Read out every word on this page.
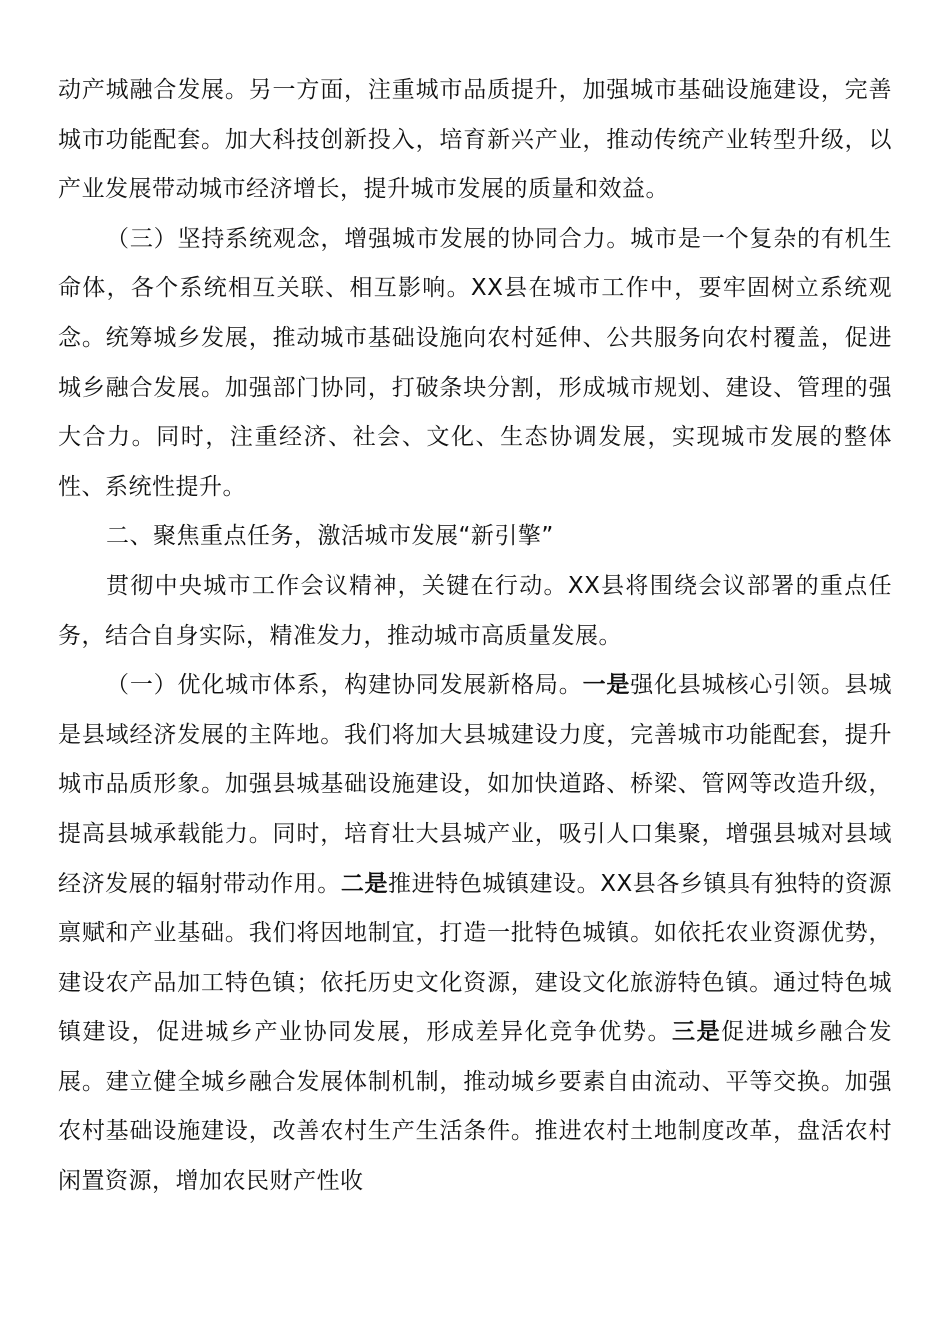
动产城融合发展。另一方面，注重城市品质提升，加强城市基础设施建设，完善城市功能配套。加大科技创新投入，培育新兴产业，推动传统产业转型升级，以产业发展带动城市经济增长，提升城市发展的质量和效益。

（三）坚持系统观念，增强城市发展的协同合力。城市是一个复杂的有机生命体，各个系统相互关联、相互影响。XX县在城市工作中，要牢固树立系统观念。统筹城乡发展，推动城市基础设施向农村延伸、公共服务向农村覆盖，促进城乡融合发展。加强部门协同，打破条块分割，形成城市规划、建设、管理的强大合力。同时，注重经济、社会、文化、生态协调发展，实现城市发展的整体性、系统性提升。

二、聚焦重点任务，激活城市发展“新引擎”

贯彻中央城市工作会议精神，关键在行动。XX县将围绕会议部署的重点任务，结合自身实际，精准发力，推动城市高质量发展。

（一）优化城市体系，构建协同发展新格局。一是强化县城核心引领。县城是县域经济发展的主阵地。我们将加大县城建设力度，完善城市功能配套，提升城市品质形象。加强县城基础设施建设，如加快道路、桥梁、管网等改造升级，提高县城承载能力。同时，培育壮大县城产业，吸引人口集聚，增强县城对县域经济发展的辐射带动作用。二是推进特色城镇建设。XX县各乡镇具有独特的资源禀赋和产业基础。我们将因地制宜，打造一批特色城镇。如依托农业资源优势，建设农产品加工特色镇；依托历史文化资源，建设文化旅游特色镇。通过特色城镇建设，促进城乡产业协同发展，形成差异化竞争优势。三是促进城乡融合发展。建立健全城乡融合发展体制机制，推动城乡要素自由流动、平等交换。加强农村基础设施建设，改善农村生产生活条件。推进农村土地制度改革，盘活农村闲置资源，增加农民财产性收
